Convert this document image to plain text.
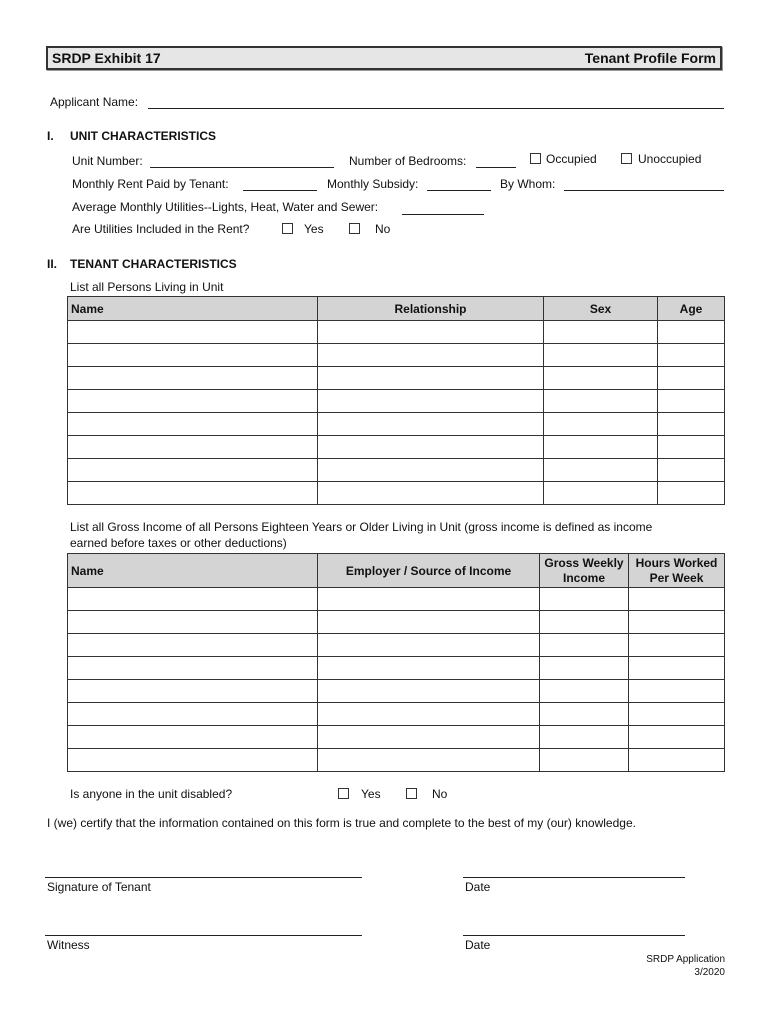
SRDP Exhibit 17	Tenant Profile Form
Applicant Name:
I. UNIT CHARACTERISTICS
Unit Number:	Number of Bedrooms:	Occupied	Unoccupied
Monthly Rent Paid by Tenant:	Monthly Subsidy:	By Whom:
Average Monthly Utilities--Lights, Heat, Water and Sewer:
Are Utilities Included in the Rent?	Yes	No
II. TENANT CHARACTERISTICS
List all Persons Living in Unit
Name	Relationship	Sex	Age

List all Gross Income of all Persons Eighteen Years or Older Living in Unit (gross income is defined as income
earned before taxes or other deductions)
Name	Employer / Source of Income	Gross Weekly Income	Hours Worked Per Week

Is anyone in the unit disabled?	Yes	No
I (we) certify that the information contained on this form is true and complete to the best of my (our) knowledge.
Signature of Tenant	Date
Witness	Date
SRDP Application
3/2020
